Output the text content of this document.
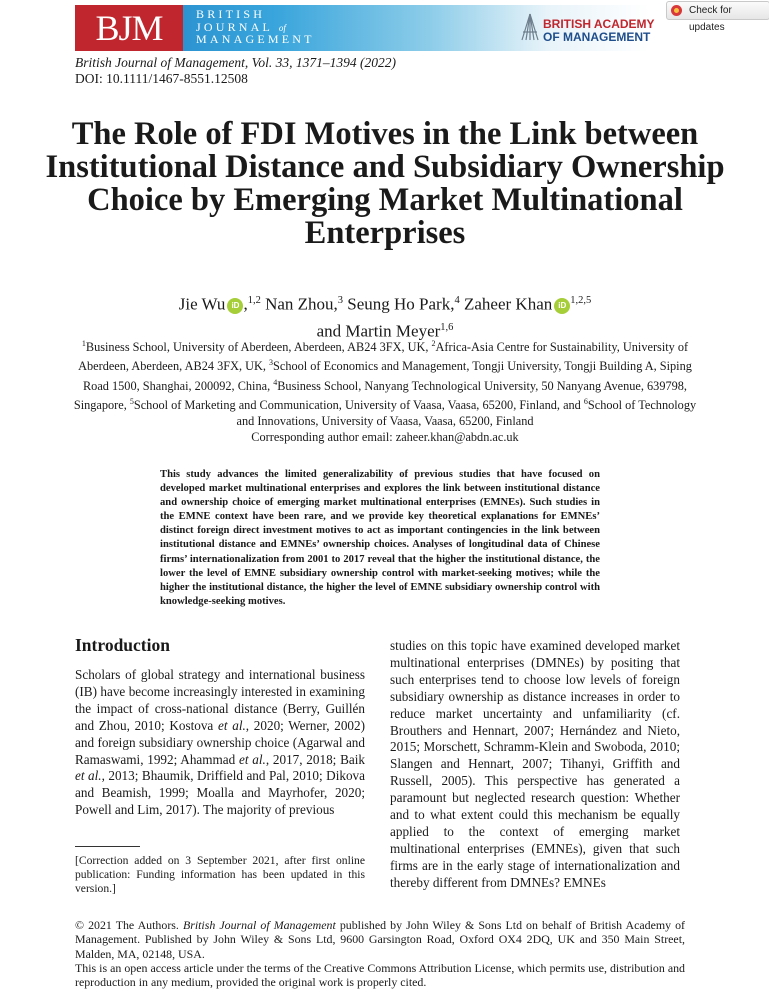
BJM	BRITISH
JOURNAL of
MANAGEMENT
BRITISH ACADEMY
OF MANAGEMENT
Check for updates
British Journal of Management, Vol. 33, 1371–1394 (2022)
DOI: 10.1111/1467-8551.12508
The Role of FDI Motives in the Link between Institutional Distance and Subsidiary Ownership Choice by Emerging Market Multinational Enterprises
Jie Wu iD ,$^{1,2}$ Nan Zhou,$^3$ Seung Ho Park,$^4$ Zaheer Khan iD $^{1,2,5}$
and Martin Meyer$^{1,6}$
$^1$Business School, University of Aberdeen, Aberdeen, AB24 3FX, UK, $^2$Africa-Asia Centre for Sustainability, University of Aberdeen, Aberdeen, AB24 3FX, UK, $^3$School of Economics and Management, Tongji University, Tongji Building A, Siping Road 1500, Shanghai, 200092, China, $^4$Business School, Nanyang Technological University, 50 Nanyang Avenue, 639798, Singapore, $^5$School of Marketing and Communication, University of Vaasa, Vaasa, 65200, Finland, and $^6$School of Technology and Innovations, University of Vaasa, Vaasa, 65200, Finland
Corresponding author email: zaheer.khan@abdn.ac.uk
This study advances the limited generalizability of previous studies that have focused on developed market multinational enterprises and explores the link between institutional distance and ownership choice of emerging market multinational enterprises (EMNEs). Such studies in the EMNE context have been rare, and we provide key theoretical explanations for EMNEs’ distinct foreign direct investment motives to act as important contingencies in the link between institutional distance and EMNEs’ ownership choices. Analyses of longitudinal data of Chinese firms’ internationalization from 2001 to 2017 reveal that the higher the institutional distance, the lower the level of EMNE subsidiary ownership control with market-seeking motives; while the higher the institutional distance, the higher the level of EMNE subsidiary ownership control with knowledge-seeking motives.
Introduction
Scholars of global strategy and international business (IB) have become increasingly interested in examining the impact of cross-national distance (Berry, Guillén and Zhou, 2010; Kostova et al., 2020; Werner, 2002) and foreign subsidiary ownership choice (Agarwal and Ramaswami, 1992; Ahammad et al., 2017, 2018; Baik et al., 2013; Bhaumik, Driffield and Pal, 2010; Dikova and Beamish, 1999; Moalla and Mayrhofer, 2020; Powell and Lim, 2017). The majority of previous
studies on this topic have examined developed market multinational enterprises (DMNEs) by positing that such enterprises tend to choose low levels of foreign subsidiary ownership as distance increases in order to reduce market uncertainty and unfamiliarity (cf. Brouthers and Hennart, 2007; Hernández and Nieto, 2015; Morschett, Schramm-Klein and Swoboda, 2010; Slangen and Hennart, 2007; Tihanyi, Griffith and Russell, 2005). This perspective has generated a paramount but neglected research question: Whether and to what extent could this mechanism be equally applied to the context of emerging market multinational enterprises (EMNEs), given that such firms are in the early stage of internationalization and thereby different from DMNEs? EMNEs
[Correction added on 3 September 2021, after first online publication: Funding information has been updated in this version.]
© 2021 The Authors. British Journal of Management published by John Wiley & Sons Ltd on behalf of British Academy of Management. Published by John Wiley & Sons Ltd, 9600 Garsington Road, Oxford OX4 2DQ, UK and 350 Main Street, Malden, MA, 02148, USA.
This is an open access article under the terms of the Creative Commons Attribution License, which permits use, distribution and reproduction in any medium, provided the original work is properly cited.
